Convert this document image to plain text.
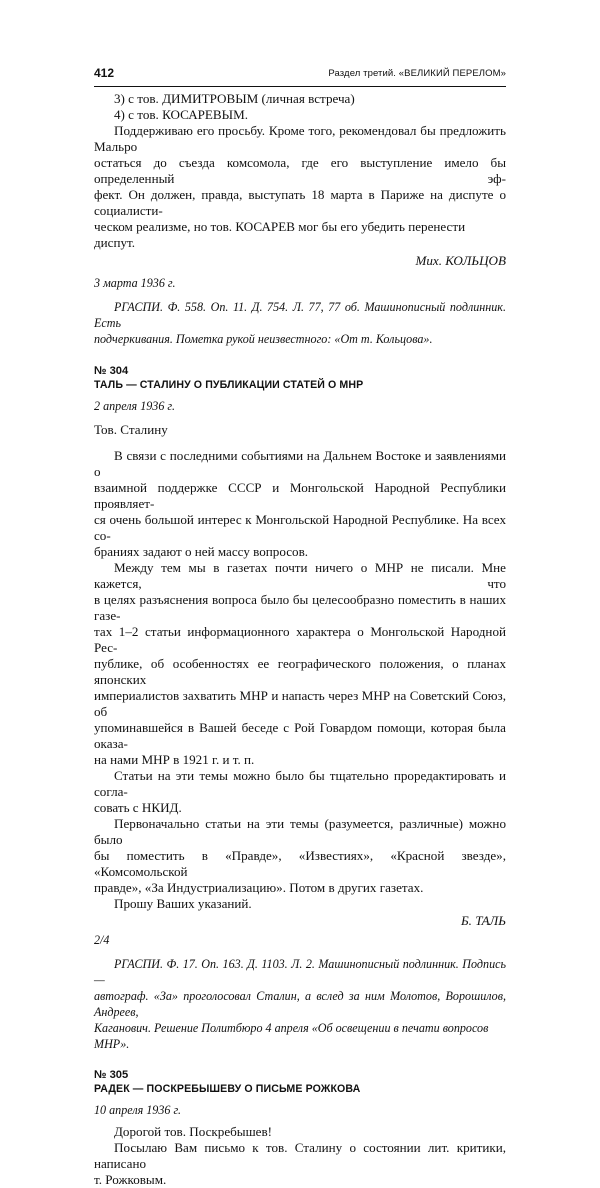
412	Раздел третий. «ВЕЛИКИЙ ПЕРЕЛОМ»

3) с тов. ДИМИТРОВЫМ (личная встреча)

4) с тов. КОСАРЕВЫМ.

Поддерживаю его просьбу. Кроме того, рекомендовал бы предложить Мальро

остаться до съезда комсомола, где его выступление имело бы определенный эф-

фект. Он должен, правда, выступать 18 марта в Париже на диспуте о социалисти-

ческом реализме, но тов. КОСАРЕВ мог бы его убедить перенести диспут.

Мих. КОЛЬЦОВ

3 марта 1936 г.

РГАСПИ. Ф. 558. Оп. 11. Д. 754. Л. 77, 77 об. Машинописный подлинник. Есть

подчеркивания. Пометка рукой неизвестного: «От т. Кольцова».

№ 304

ТАЛЬ — СТАЛИНУ О ПУБЛИКАЦИИ СТАТЕЙ О МНР

2 апреля 1936 г.

Тов. Сталину

В связи с последними событиями на Дальнем Востоке и заявлениями о

взаимной поддержке СССР и Монгольской Народной Республики проявляет-

ся очень большой интерес к Монгольской Народной Республике. На всех со-

браниях задают о ней массу вопросов.

Между тем мы в газетах почти ничего о МНР не писали. Мне кажется, что

в целях разъяснения вопроса было бы целесообразно поместить в наших газе-

тах 1–2 статьи информационного характера о Монгольской Народной Рес-

публике, об особенностях ее географического положения, о планах японских

империалистов захватить МНР и напасть через МНР на Советский Союз, об

упоминавшейся в Вашей беседе с Рой Говардом помощи, которая была оказа-

на нами МНР в 1921 г. и т. п.

Статьи на эти темы можно было бы тщательно проредактировать и согла-

совать с НКИД.

Первоначально статьи на эти темы (разумеется, различные) можно было

бы поместить в «Правде», «Известиях», «Красной звезде», «Комсомольской

правде», «За Индустриализацию». Потом в других газетах.

Прошу Ваших указаний.

Б. ТАЛЬ

2/4

РГАСПИ. Ф. 17. Оп. 163. Д. 1103. Л. 2. Машинописный подлинник. Подпись —

автограф. «За» проголосовал Сталин, а вслед за ним Молотов, Ворошилов, Андреев,

Каганович. Решение Политбюро 4 апреля «Об освещении в печати вопросов МНР».

№ 305

РАДЕК — ПОСКРЕБЫШЕВУ О ПИСЬМЕ РОЖКОВА

10 апреля 1936 г.

Дорогой тов. Поскребышев!

Посылаю Вам письмо к тов. Сталину о состоянии лит. критики, написано

т. Рожковым.
